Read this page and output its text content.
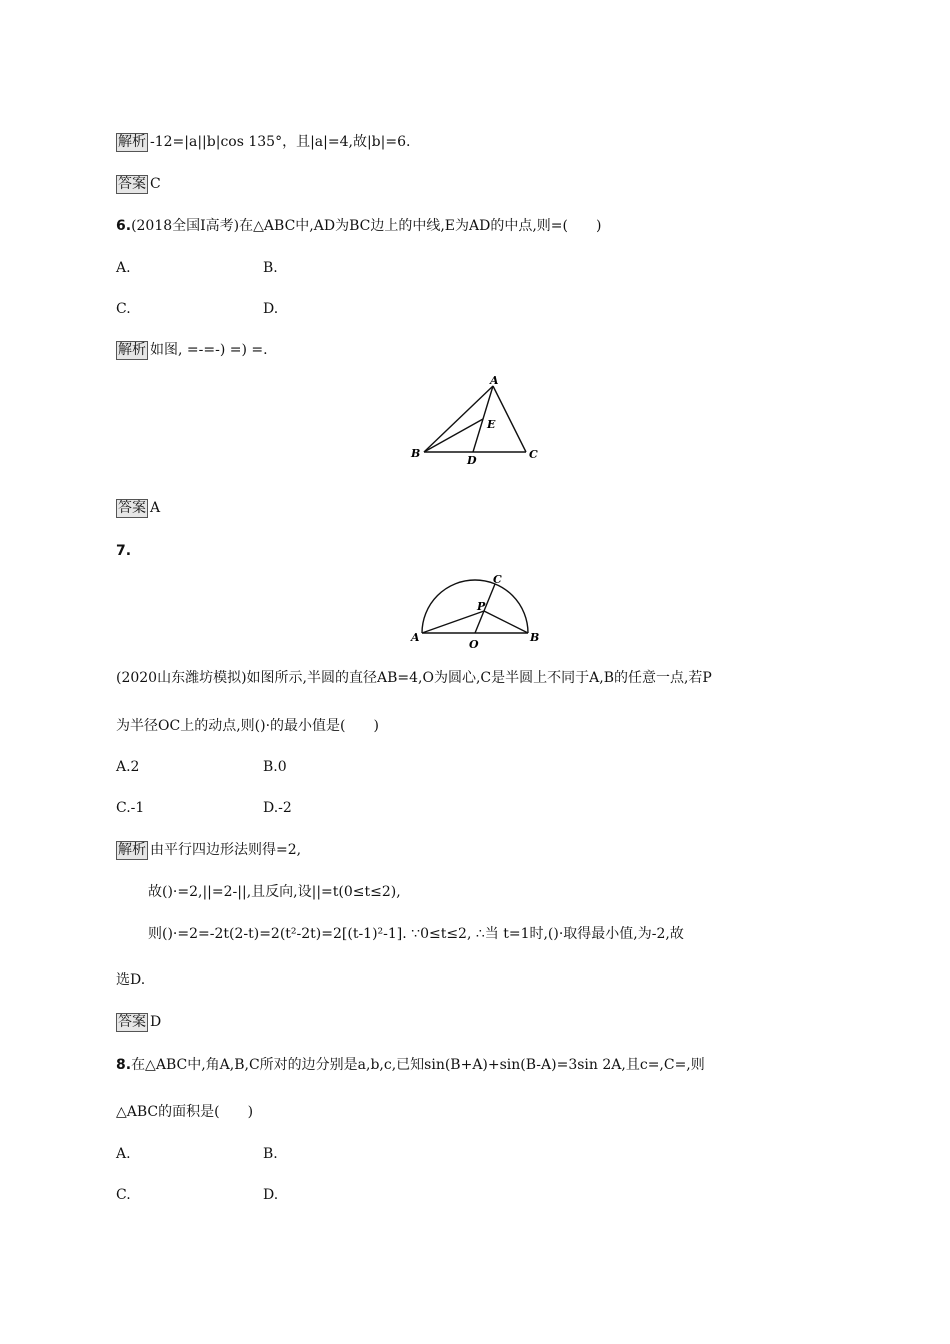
解析 -12=|a||b|cos 135°，且|a|=4,故|b|=6.
答案 C
6.(2018全国Ⅰ高考)在△ABC中,AD为BC边上的中线,E为AD的中点,则=(　　)
A.	B.
C.	D.
解析 如图, =-=-) =) =.
A
B	C
D
E
答案 A
7.
A	B
C
O
P
(2020山东潍坊模拟)如图所示,半圆的直径AB=4,O为圆心,C是半圆上不同于A,B的任意一点,若P
为半径OC上的动点,则()·的最小值是(　　)
A.2	B.0
C.-1	D.-2
解析 由平行四边形法则得=2,
故()·=2,||=2-||,且反向,设||=t(0≤t≤2),
则()·=2=-2t(2-t)=2(t²-2t)=2[(t-1)²-1]. ∵0≤t≤2, ∴当 t=1时,()·取得最小值,为-2,故
选D.
答案 D
8.在△ABC中,角A,B,C所对的边分别是a,b,c,已知sin(B+A)+sin(B-A)=3sin 2A,且c=,C=,则
△ABC的面积是(　　)
A.	B.
C.	D.
